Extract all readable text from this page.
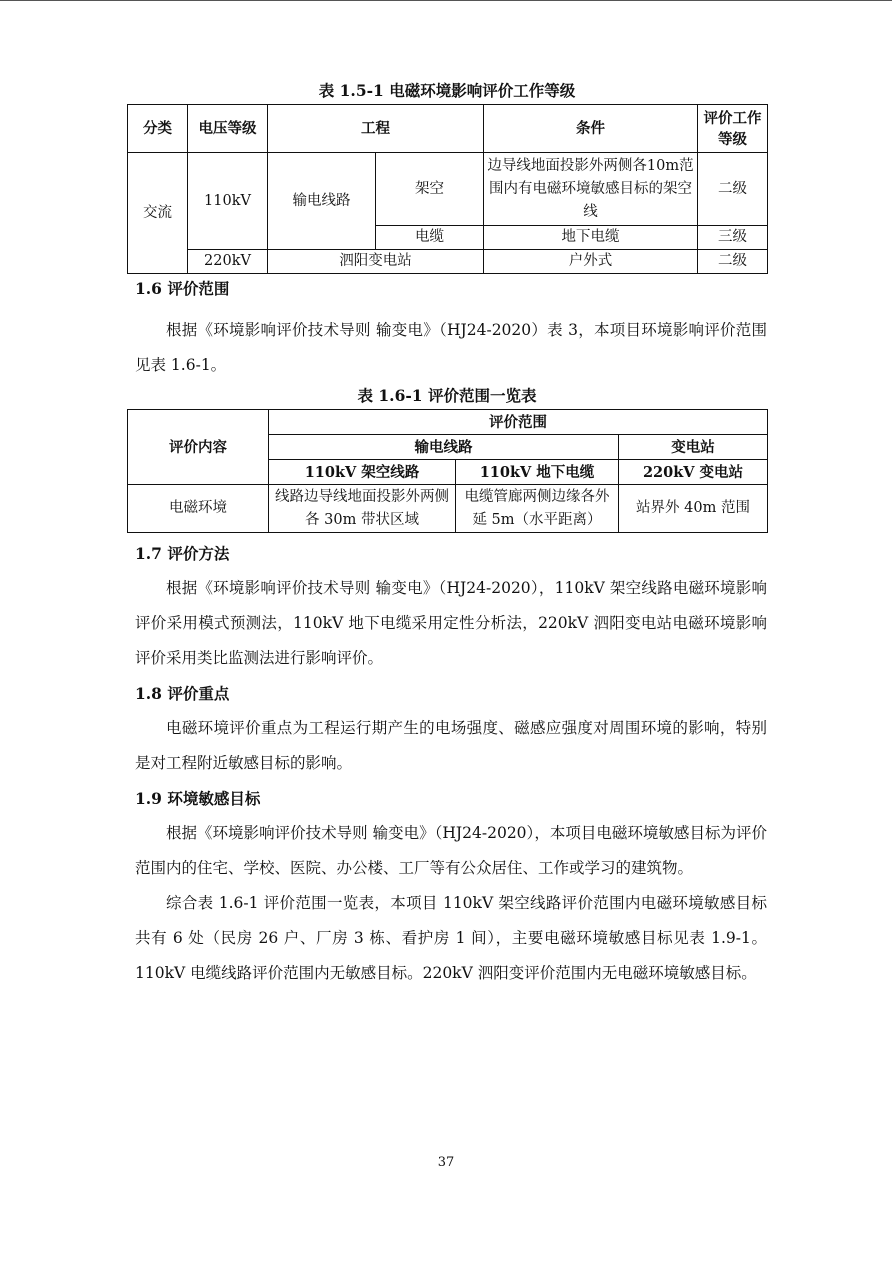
表 1.5-1 电磁环境影响评价工作等级
分类	电压等级	工程		条件	评价工作等级
交流	110kV	输电线路	架空	边导线地面投影外两侧各10m范围内有电磁环境敏感目标的架空线	二级
			电缆	地下电缆	三级
	220kV	泗阳变电站		户外式	二级
1.6 评价范围

根据《环境影响评价技术导则 输变电》（HJ24-2020）表 3，本项目环境影响评价范围见表 1.6-1。

表 1.6-1 评价范围一览表
评价内容	评价范围		
	输电线路		变电站
	110kV 架空线路	110kV 地下电缆	220kV 变电站
电磁环境	线路边导线地面投影外两侧各 30m 带状区域	电缆管廊两侧边缘各外延 5m（水平距离）	站界外 40m 范围
1.7 评价方法

根据《环境影响评价技术导则 输变电》（HJ24-2020），110kV 架空线路电磁环境影响评价采用模式预测法，110kV 地下电缆采用定性分析法，220kV 泗阳变电站电磁环境影响评价采用类比监测法进行影响评价。

1.8 评价重点

电磁环境评价重点为工程运行期产生的电场强度、磁感应强度对周围环境的影响，特别是对工程附近敏感目标的影响。

1.9 环境敏感目标

根据《环境影响评价技术导则 输变电》（HJ24-2020），本项目电磁环境敏感目标为评价范围内的住宅、学校、医院、办公楼、工厂等有公众居住、工作或学习的建筑物。

综合表 1.6-1 评价范围一览表，本项目 110kV 架空线路评价范围内电磁环境敏感目标共有 6 处（民房 26 户、厂房 3 栋、看护房 1 间），主要电磁环境敏感目标见表 1.9-1。110kV 电缆线路评价范围内无敏感目标。220kV 泗阳变评价范围内无电磁环境敏感目标。

37
